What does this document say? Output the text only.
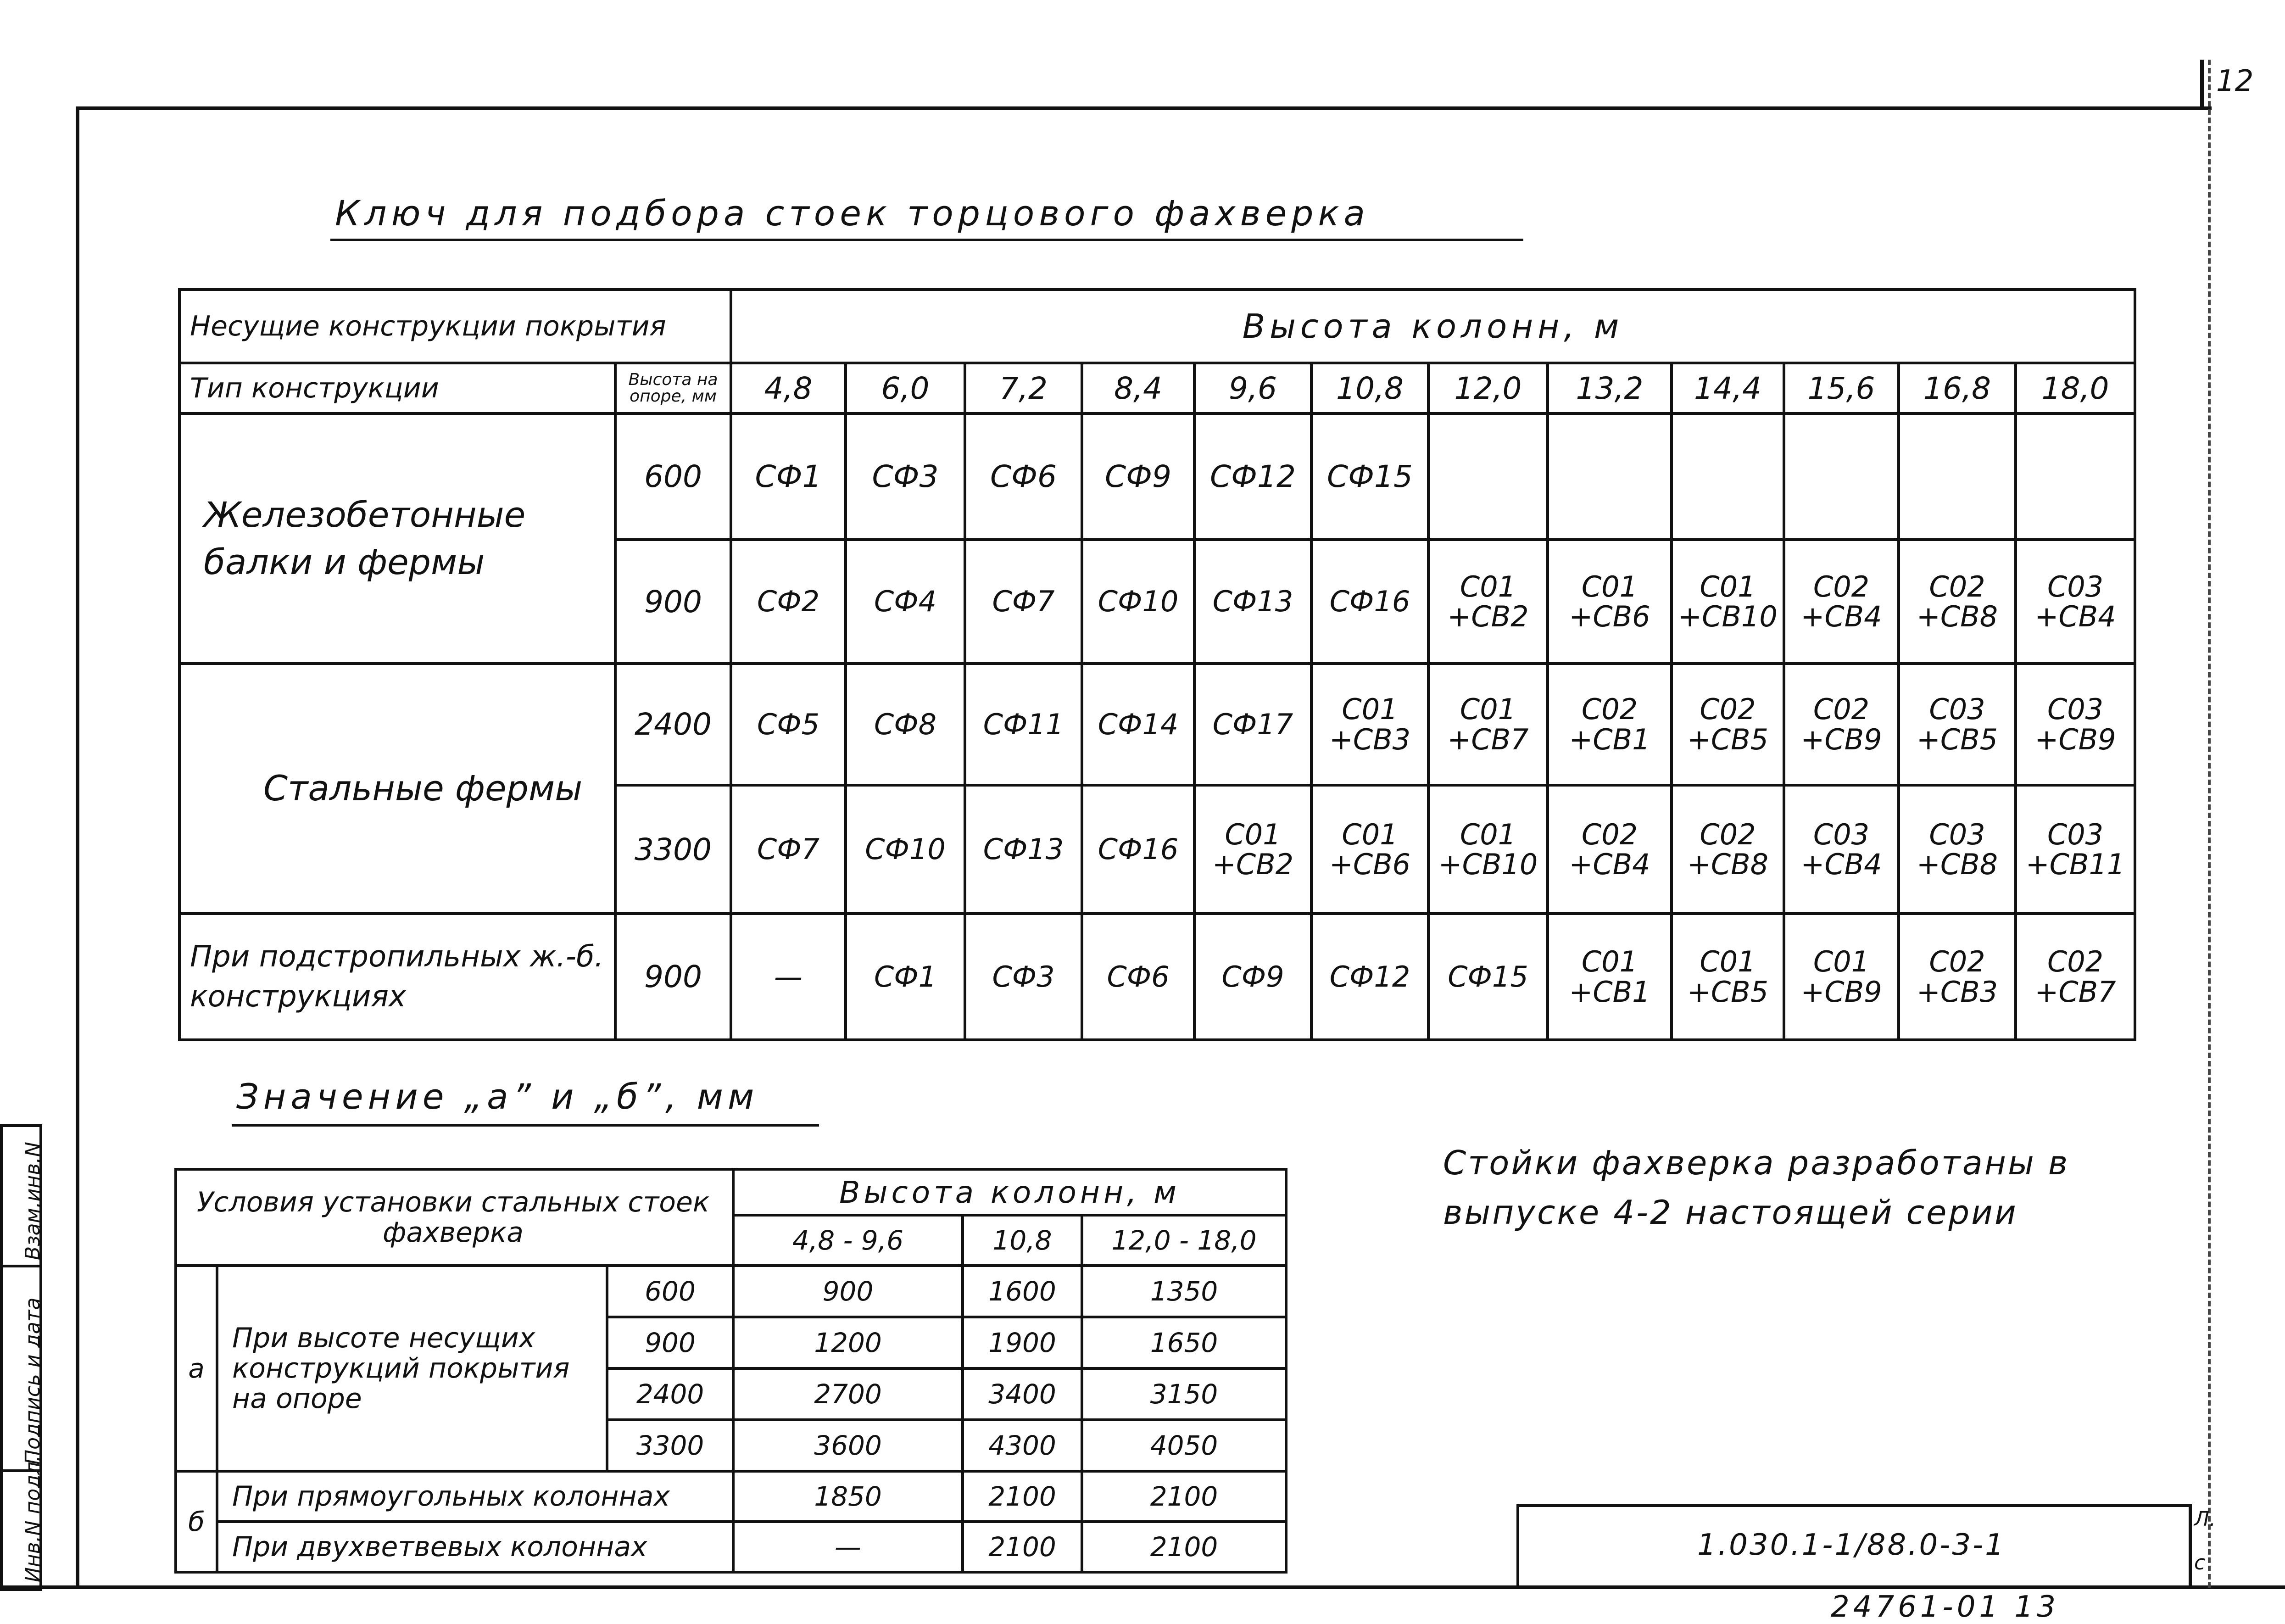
12
Ключ для подбора стоек торцового фахверка
Несущие конструкции покрытия		Высота колонн, м											
Тип конструкции	Высота на опоре, мм	4,8	6,0	7,2	8,4	9,6	10,8	12,0	13,2	14,4	15,6	16,8	18,0
Железобетонные балки и фермы	600	СФ1	СФ3	СФ6	СФ9	СФ12	СФ15						
	900	СФ2	СФ4	СФ7	СФ10	СФ13	СФ16	С01 +СВ2	С01 +СВ6	С01 +СВ10	С02 +СВ4	С02 +СВ8	С03 +СВ4
Стальные фермы	2400	СФ5	СФ8	СФ11	СФ14	СФ17	С01 +СВ3	С01 +СВ7	С02 +СВ1	С02 +СВ5	С02 +СВ9	С03 +СВ5	С03 +СВ9
	3300	СФ7	СФ10	СФ13	СФ16	С01 +СВ2	С01 +СВ6	С01 +СВ10	С02 +СВ4	С02 +СВ8	С03 +СВ4	С03 +СВ8	С03 +СВ11
При подстропильных ж.-б. конструкциях	900	—	СФ1	СФ3	СФ6	СФ9	СФ12	СФ15	С01 +СВ1	С01 +СВ5	С01 +СВ9	С02 +СВ3	С02 +СВ7
Значение „а” и „б”, мм
Условия установки стальных стоек фахверка			Высота колонн, м		
			4,8 - 9,6	10,8	12,0 - 18,0
а	При высоте несущих конструкций покрытия на опоре	600	900	1600	1350
		900	1200	1900	1650
		2400	2700	3400	3150
		3300	3600	4300	4050
б	При прямоугольных колоннах		1850	2100	2100
	При двухветвевых колоннах		—	2100	2100
Стойки фахверка разработаны в выпуске 4-2 настоящей серии
1.030.1-1/88.0-3-1
Л.
с
24761-01 13
Взам.инв.N
Подпись и дата
Инв.N подл.
